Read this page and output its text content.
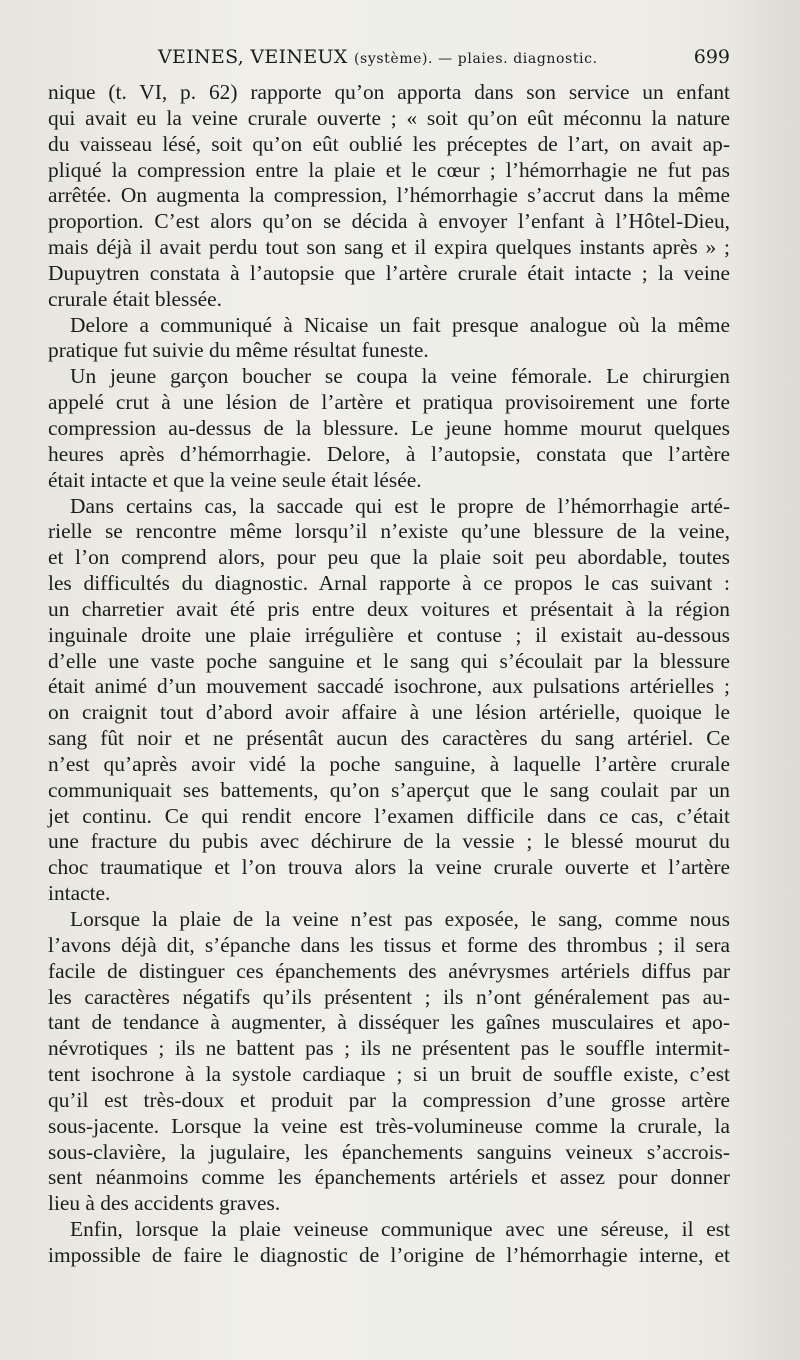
VEINES, VEINEUX (système). — plaies. diagnostic.	699
nique (t. VI, p. 62) rapporte qu’on apporta dans son service un enfant
qui avait eu la veine crurale ouverte ; « soit qu’on eût méconnu la nature
du vaisseau lésé, soit qu’on eût oublié les préceptes de l’art, on avait ap-
pliqué la compression entre la plaie et le cœur ; l’hémorrhagie ne fut pas
arrêtée. On augmenta la compression, l’hémorrhagie s’accrut dans la même
proportion. C’est alors qu’on se décida à envoyer l’enfant à l’Hôtel-Dieu,
mais déjà il avait perdu tout son sang et il expira quelques instants après » ;
Dupuytren constata à l’autopsie que l’artère crurale était intacte ; la veine
crurale était blessée.
Delore a communiqué à Nicaise un fait presque analogue où la même
pratique fut suivie du même résultat funeste.
Un jeune garçon boucher se coupa la veine fémorale. Le chirurgien
appelé crut à une lésion de l’artère et pratiqua provisoirement une forte
compression au-dessus de la blessure. Le jeune homme mourut quelques
heures après d’hémorrhagie. Delore, à l’autopsie, constata que l’artère
était intacte et que la veine seule était lésée.
Dans certains cas, la saccade qui est le propre de l’hémorrhagie arté-
rielle se rencontre même lorsqu’il n’existe qu’une blessure de la veine,
et l’on comprend alors, pour peu que la plaie soit peu abordable, toutes
les difficultés du diagnostic. Arnal rapporte à ce propos le cas suivant :
un charretier avait été pris entre deux voitures et présentait à la région
inguinale droite une plaie irrégulière et contuse ; il existait au-dessous
d’elle une vaste poche sanguine et le sang qui s’écoulait par la blessure
était animé d’un mouvement saccadé isochrone, aux pulsations artérielles ;
on craignit tout d’abord avoir affaire à une lésion artérielle, quoique le
sang fût noir et ne présentât aucun des caractères du sang artériel. Ce
n’est qu’après avoir vidé la poche sanguine, à laquelle l’artère crurale
communiquait ses battements, qu’on s’aperçut que le sang coulait par un
jet continu. Ce qui rendit encore l’examen difficile dans ce cas, c’était
une fracture du pubis avec déchirure de la vessie ; le blessé mourut du
choc traumatique et l’on trouva alors la veine crurale ouverte et l’artère
intacte.
Lorsque la plaie de la veine n’est pas exposée, le sang, comme nous
l’avons déjà dit, s’épanche dans les tissus et forme des thrombus ; il sera
facile de distinguer ces épanchements des anévrysmes artériels diffus par
les caractères négatifs qu’ils présentent ; ils n’ont généralement pas au-
tant de tendance à augmenter, à disséquer les gaînes musculaires et apo-
névrotiques ; ils ne battent pas ; ils ne présentent pas le souffle intermit-
tent isochrone à la systole cardiaque ; si un bruit de souffle existe, c’est
qu’il est très-doux et produit par la compression d’une grosse artère
sous-jacente. Lorsque la veine est très-volumineuse comme la crurale, la
sous-clavière, la jugulaire, les épanchements sanguins veineux s’accrois-
sent néanmoins comme les épanchements artériels et assez pour donner
lieu à des accidents graves.
Enfin, lorsque la plaie veineuse communique avec une séreuse, il est
impossible de faire le diagnostic de l’origine de l’hémorrhagie interne, et
